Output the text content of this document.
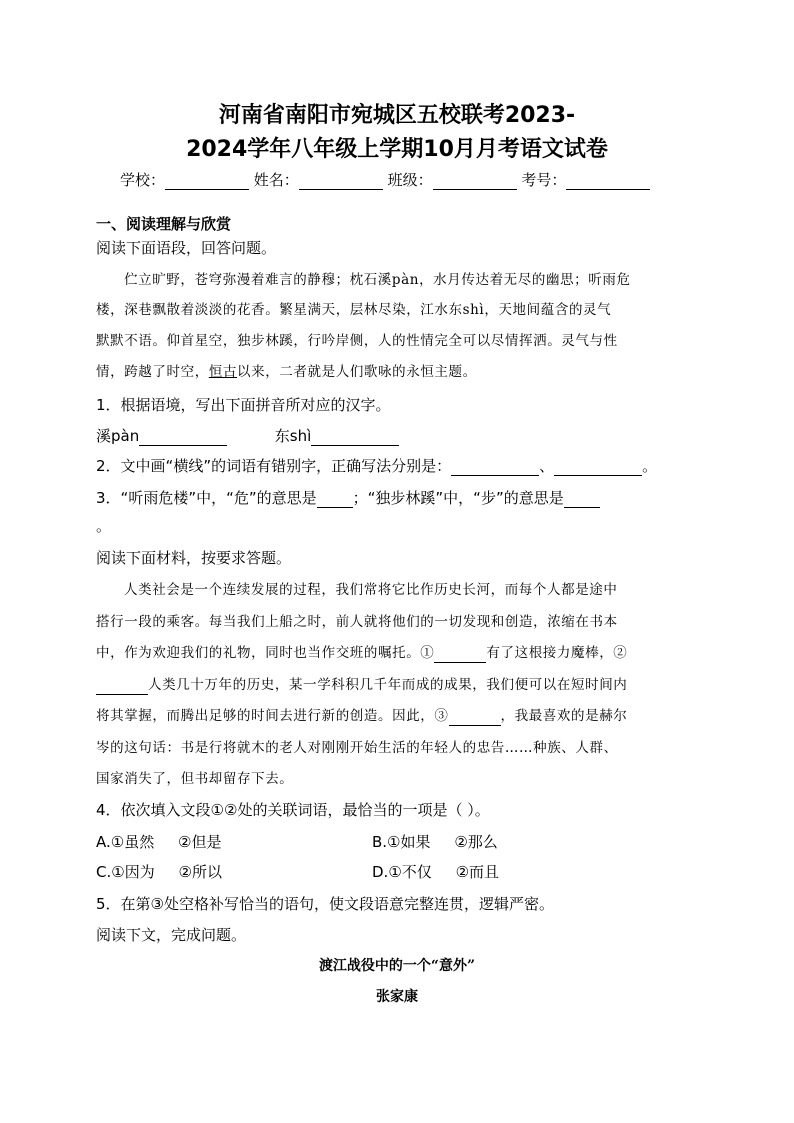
河南省南阳市宛城区五校联考2023-
2024学年八年级上学期10月月考语文试卷
学校：	姓名：	班级：	考号：
一、阅读理解与欣赏
阅读下面语段，回答问题。
伫立旷野，苍穹弥漫着难言的静穆；枕石溪pàn，水月传达着无尽的幽思；听雨危
楼，深巷飘散着淡淡的花香。繁星满天，层林尽染，江水东shì，天地间蕴含的灵气
默默不语。仰首星空，独步林蹊，行吟岸侧，人的性情完全可以尽情挥洒。灵气与性
情，跨越了时空，恒古以来，二者就是人们歌咏的永恒主题。
1．根据语境，写出下面拼音所对应的汉字。
溪pàn	东shì
2．文中画“横线”的词语有错别字，正确写法分别是：	、	。
3．“听雨危楼”中，“危”的意思是 ；“独步林蹊”中，“步”的意思是
。
阅读下面材料，按要求答题。
人类社会是一个连续发展的过程，我们常将它比作历史长河，而每个人都是途中
搭行一段的乘客。每当我们上船之时，前人就将他们的一切发现和创造，浓缩在书本
中，作为欢迎我们的礼物，同时也当作交班的嘱托。①	有了这根接力魔棒，②
人类几十万年的历史，某一学科积几千年而成的成果，我们便可以在短时间内
将其掌握，而腾出足够的时间去进行新的创造。因此，③	，我最喜欢的是赫尔
岑的这句话：书是行将就木的老人对刚刚开始生活的年轻人的忠告……种族、人群、
国家消失了，但书却留存下去。
4．依次填入文段①②处的关联词语，最恰当的一项是（ ）。
A.①虽然     ②但是	B.①如果     ②那么
C.①因为     ②所以	D.①不仅     ②而且
5．在第③处空格补写恰当的语句，使文段语意完整连贯，逻辑严密。
阅读下文，完成问题。
渡江战役中的一个“意外”
张家康
